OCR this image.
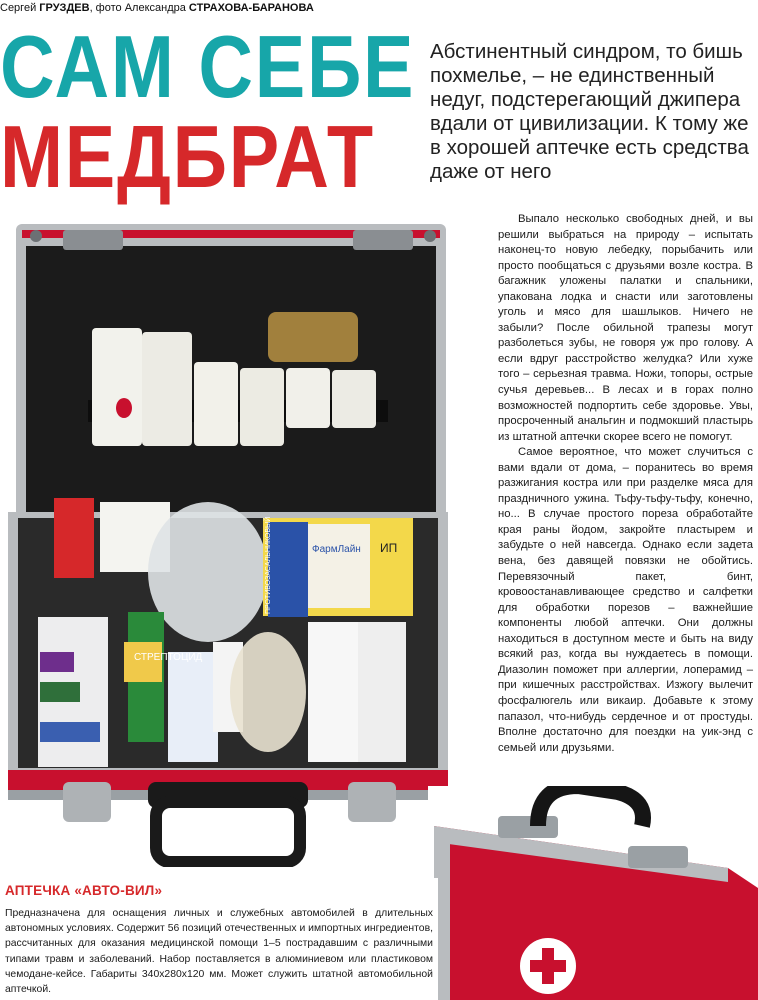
Сергей ГРУЗДЕВ, фото Александра СТРАХОВА-БАРАНОВА
САМ СЕБЕ
МЕДБРАТ
Абстинентный синдром, то бишь похмелье, – не единственный недуг, подстерегающий джипера вдали от цивилизации. К тому же в хорошей аптечке есть средства даже от него
СТРЕПТОЦИД
ФармЛайн ИП
ПРОТИВОЗАСАЛЬНИКОВЫЙ

Выпало несколько свободных дней, и вы решили выбраться на природу – испытать наконец-то новую лебедку, порыбачить или просто пообщаться с друзьями возле костра. В багажник уложены палатки и спальники, упакована лодка и снасти или заготовлены уголь и мясо для шашлыков. Ничего не забыли? После обильной трапезы могут разболеться зубы, не говоря уж про голову. А если вдруг расстройство желудка? Или хуже того – серьезная травма. Ножи, топоры, острые сучья деревьев... В лесах и в горах полно возможностей подпортить себе здоровье. Увы, просроченный анальгин и подмокший пластырь из штатной аптечки скорее всего не помогут.

Самое вероятное, что может случиться с вами вдали от дома, – поранитесь во время разжигания костра или при разделке мяса для праздничного ужина. Тьфу-тьфу-тьфу, конечно, но... В случае простого пореза обработайте края раны йодом, закройте пластырем и забудьте о ней навсегда. Однако если задета вена, без давящей повязки не обойтись. Перевязочный пакет, бинт, кровоостанавливающее средство и салфетки для обработки порезов – важнейшие компоненты любой аптечки. Они должны находиться в доступном месте и быть на виду всякий раз, когда вы нуждаетесь в помощи. Диазолин поможет при аллергии, лоперамид – при кишечных расстройствах. Изжогу вылечит фосфалюгель или викаир. Добавьте к этому папазол, что-нибудь сердечное и от простуды. Вполне достаточно для поездки на уик-энд с семьей или друзьями.

АПТЕЧКА «АВТО-ВИЛ»
Предназначена для оснащения личных и служебных автомобилей в длительных автономных условиях. Содержит 56 позиций отечественных и импортных ингредиентов, рассчитанных для оказания медицинской помощи 1–5 пострадавшим с различными типами травм и заболеваний. Набор поставляется в алюминиевом или пластиковом чемодане-кейсе. Габариты 340х280х120 мм. Может служить штатной автомобильной аптечкой.
